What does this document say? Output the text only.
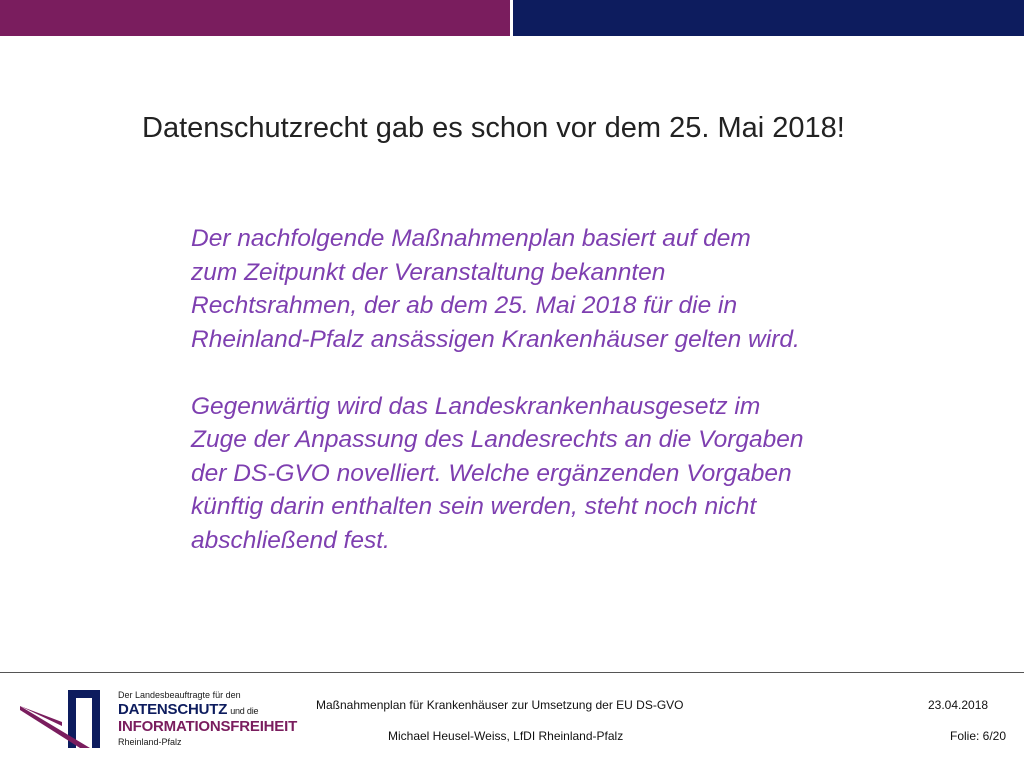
Datenschutzrecht gab es schon vor dem 25. Mai 2018!

Der nachfolgende Maßnahmenplan basiert auf dem
zum Zeitpunkt der Veranstaltung bekannten
Rechtsrahmen, der ab dem 25. Mai 2018 für die in
Rheinland-Pfalz ansässigen Krankenhäuser gelten wird.

Gegenwärtig wird das Landeskrankenhausgesetz im
Zuge der Anpassung des Landesrechts an die Vorgaben
der DS-GVO novelliert. Welche ergänzenden Vorgaben
künftig darin enthalten sein werden, steht noch nicht
abschließend fest.

Der Landesbeauftragte für den
DATENSCHUTZ und die
INFORMATIONSFREIHEIT
Rheinland-Pfalz
Maßnahmenplan für Krankenhäuser zur Umsetzung der EU DS-GVO	23.04.2018
Michael Heusel-Weiss, LfDI Rheinland-Pfalz	Folie: 6/20
